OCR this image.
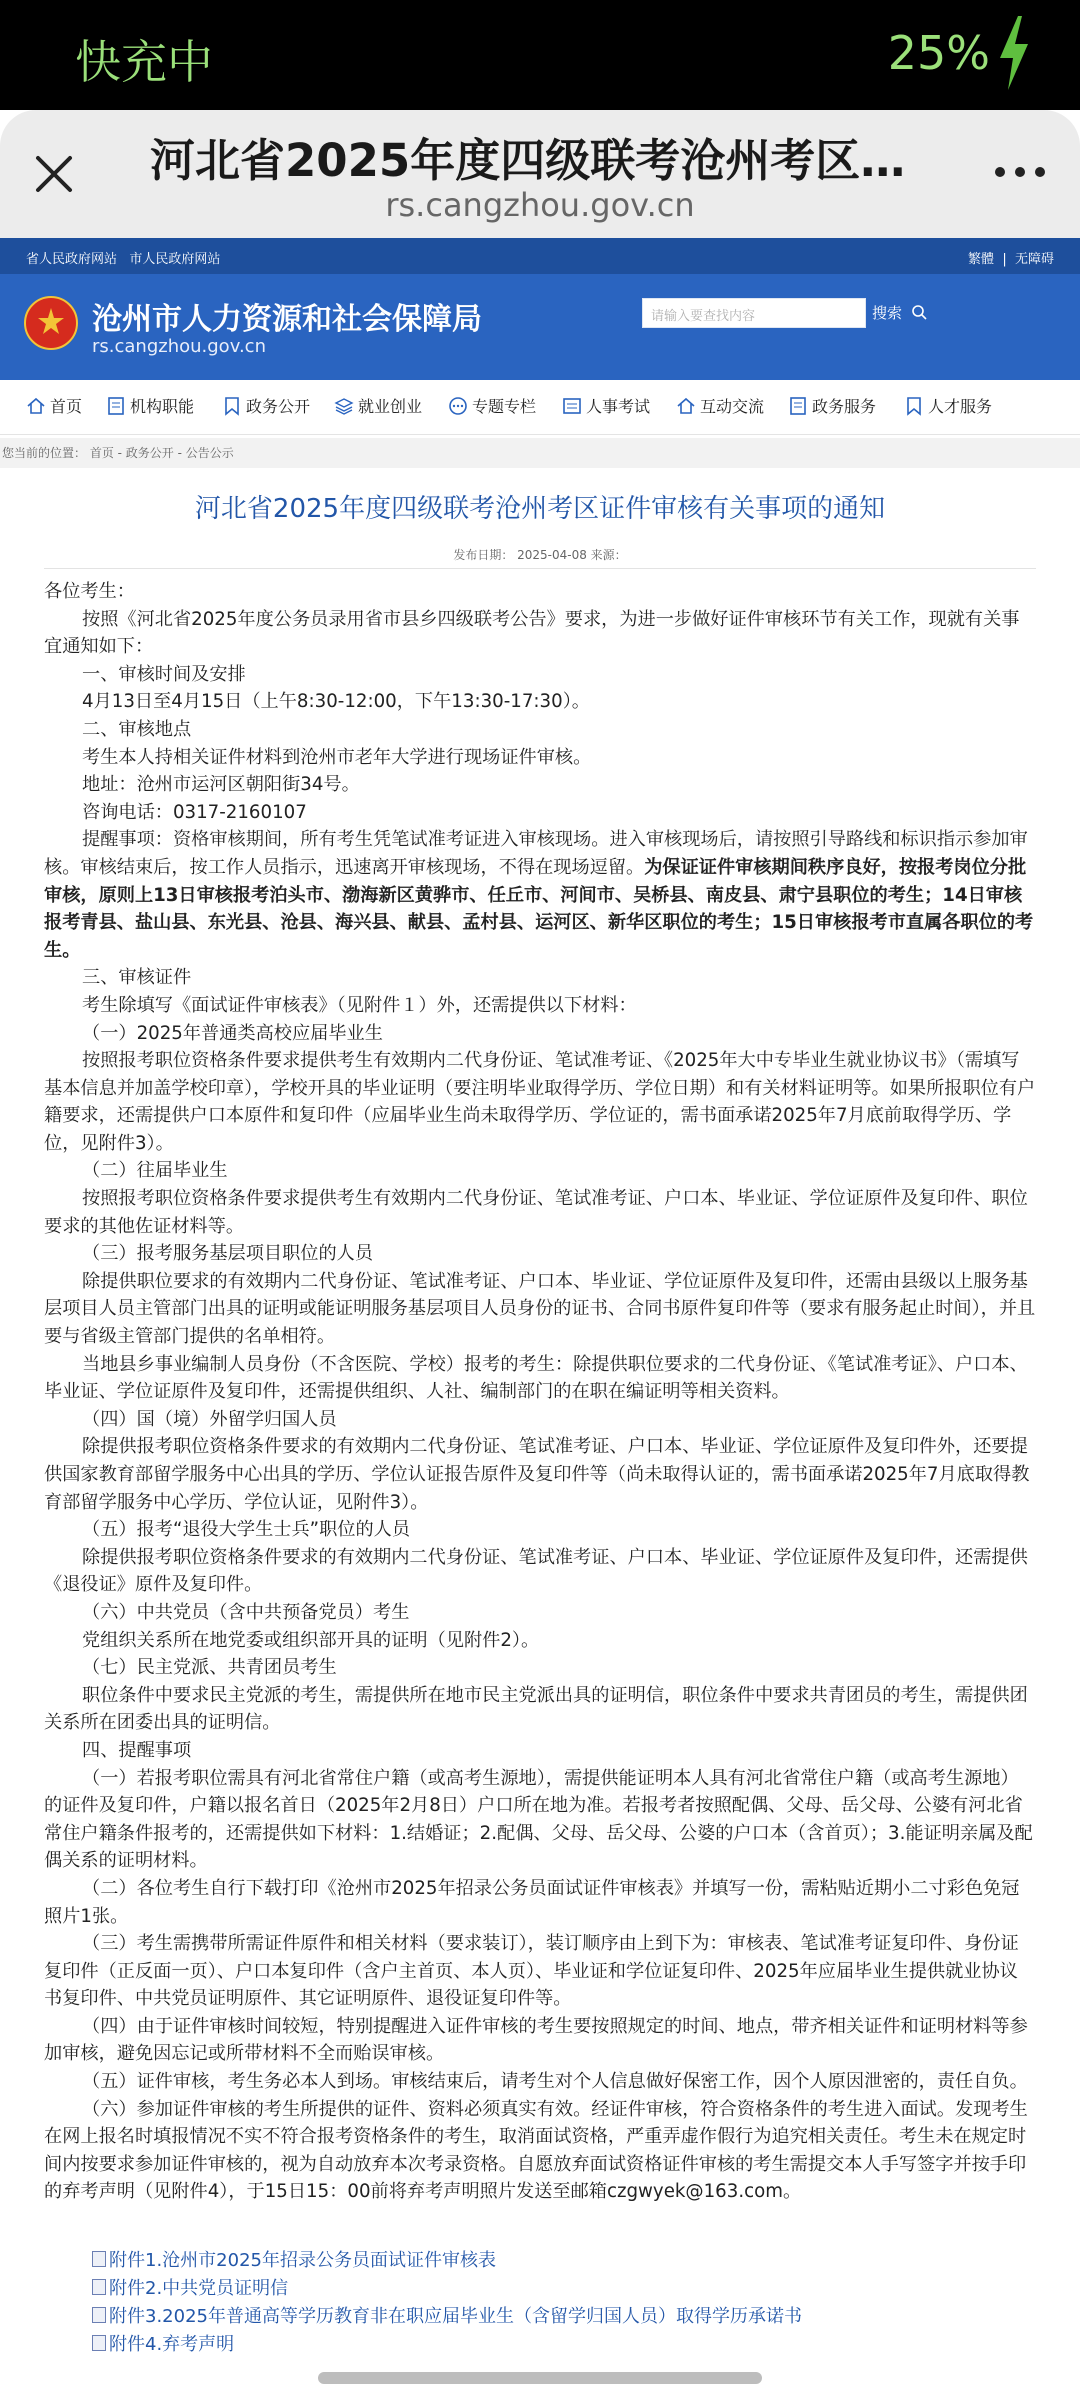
快充中	25%
河北省2025年度四级联考沧州考区…
rs.cangzhou.gov.cn
省人民政府网站 市人民政府网站	繁體 | 无障碍
沧州市人力资源和社会保障局
rs.cangzhou.gov.cn
请输入要查找内容	搜索
首页	机构职能	政务公开	就业创业	专题专栏	人事考试	互动交流	政务服务	人才服务
您当前的位置： 首页 - 政务公开 - 公告公示
河北省2025年度四级联考沧州考区证件审核有关事项的通知
发布日期： 2025-04-08 来源：

各位考生：

按照《河北省2025年度公务员录用省市县乡四级联考公告》要求，为进一步做好证件审核环节有关工作，现就有关事宜通知如下：

一、审核时间及安排

4月13日至4月15日（上午8:30-12:00，下午13:30-17:30）。

二、审核地点

考生本人持相关证件材料到沧州市老年大学进行现场证件审核。

地址：沧州市运河区朝阳街34号。

咨询电话：0317-2160107

提醒事项：资格审核期间，所有考生凭笔试准考证进入审核现场。进入审核现场后，请按照引导路线和标识指示参加审核。审核结束后，按工作人员指示，迅速离开审核现场，不得在现场逗留。为保证证件审核期间秩序良好，按报考岗位分批审核，原则上13日审核报考泊头市、渤海新区黄骅市、任丘市、河间市、吴桥县、南皮县、肃宁县职位的考生；14日审核报考青县、盐山县、东光县、沧县、海兴县、献县、孟村县、运河区、新华区职位的考生；15日审核报考市直属各职位的考生。

三、审核证件

考生除填写《面试证件审核表》（见附件１）外，还需提供以下材料：

（一）2025年普通类高校应届毕业生

按照报考职位资格条件要求提供考生有效期内二代身份证、笔试准考证、《2025年大中专毕业生就业协议书》（需填写基本信息并加盖学校印章），学校开具的毕业证明（要注明毕业取得学历、学位日期）和有关材料证明等。如果所报职位有户籍要求，还需提供户口本原件和复印件（应届毕业生尚未取得学历、学位证的，需书面承诺2025年7月底前取得学历、学位，见附件3）。

（二）往届毕业生

按照报考职位资格条件要求提供考生有效期内二代身份证、笔试准考证、户口本、毕业证、学位证原件及复印件、职位要求的其他佐证材料等。

（三）报考服务基层项目职位的人员

除提供职位要求的有效期内二代身份证、笔试准考证、户口本、毕业证、学位证原件及复印件，还需由县级以上服务基层项目人员主管部门出具的证明或能证明服务基层项目人员身份的证书、合同书原件复印件等（要求有服务起止时间），并且要与省级主管部门提供的名单相符。

当地县乡事业编制人员身份（不含医院、学校）报考的考生：除提供职位要求的二代身份证、《笔试准考证》、户口本、毕业证、学位证原件及复印件，还需提供组织、人社、编制部门的在职在编证明等相关资料。

（四）国（境）外留学归国人员

除提供报考职位资格条件要求的有效期内二代身份证、笔试准考证、户口本、毕业证、学位证原件及复印件外，还要提供国家教育部留学服务中心出具的学历、学位认证报告原件及复印件等（尚未取得认证的，需书面承诺2025年7月底取得教育部留学服务中心学历、学位认证，见附件3）。

（五）报考“退役大学生士兵”职位的人员

除提供报考职位资格条件要求的有效期内二代身份证、笔试准考证、户口本、毕业证、学位证原件及复印件，还需提供《退役证》原件及复印件。

（六）中共党员（含中共预备党员）考生

党组织关系所在地党委或组织部开具的证明（见附件2）。

（七）民主党派、共青团员考生

职位条件中要求民主党派的考生，需提供所在地市民主党派出具的证明信，职位条件中要求共青团员的考生，需提供团关系所在团委出具的证明信。

四、提醒事项

（一）若报考职位需具有河北省常住户籍（或高考生源地），需提供能证明本人具有河北省常住户籍（或高考生源地）的证件及复印件，户籍以报名首日（2025年2月8日）户口所在地为准。若报考者按照配偶、父母、岳父母、公婆有河北省常住户籍条件报考的，还需提供如下材料：1.结婚证；2.配偶、父母、岳父母、公婆的户口本（含首页）；3.能证明亲属及配偶关系的证明材料。

（二）各位考生自行下载打印《沧州市2025年招录公务员面试证件审核表》并填写一份，需粘贴近期小二寸彩色免冠照片1张。

（三）考生需携带所需证件原件和相关材料（要求装订），装订顺序由上到下为：审核表、笔试准考证复印件、身份证复印件（正反面一页）、户口本复印件（含户主首页、本人页）、毕业证和学位证复印件、2025年应届毕业生提供就业协议书复印件、中共党员证明原件、其它证明原件、退役证复印件等。

（四）由于证件审核时间较短，特别提醒进入证件审核的考生要按照规定的时间、地点，带齐相关证件和证明材料等参加审核，避免因忘记或所带材料不全而贻误审核。

（五）证件审核，考生务必本人到场。审核结束后，请考生对个人信息做好保密工作，因个人原因泄密的，责任自负。

（六）参加证件审核的考生所提供的证件、资料必须真实有效。经证件审核，符合资格条件的考生进入面试。发现考生在网上报名时填报情况不实不符合报考资格条件的考生，取消面试资格，严重弄虚作假行为追究相关责任。考生未在规定时间内按要求参加证件审核的，视为自动放弃本次考录资格。自愿放弃面试资格证件审核的考生需提交本人手写签字并按手印的弃考声明（见附件4），于15日15：00前将弃考声明照片发送至邮箱czgwyek@163.com。

附件1.沧州市2025年招录公务员面试证件审核表
附件2.中共党员证明信
附件3.2025年普通高等学历教育非在职应届毕业生（含留学归国人员）取得学历承诺书
附件4.弃考声明
